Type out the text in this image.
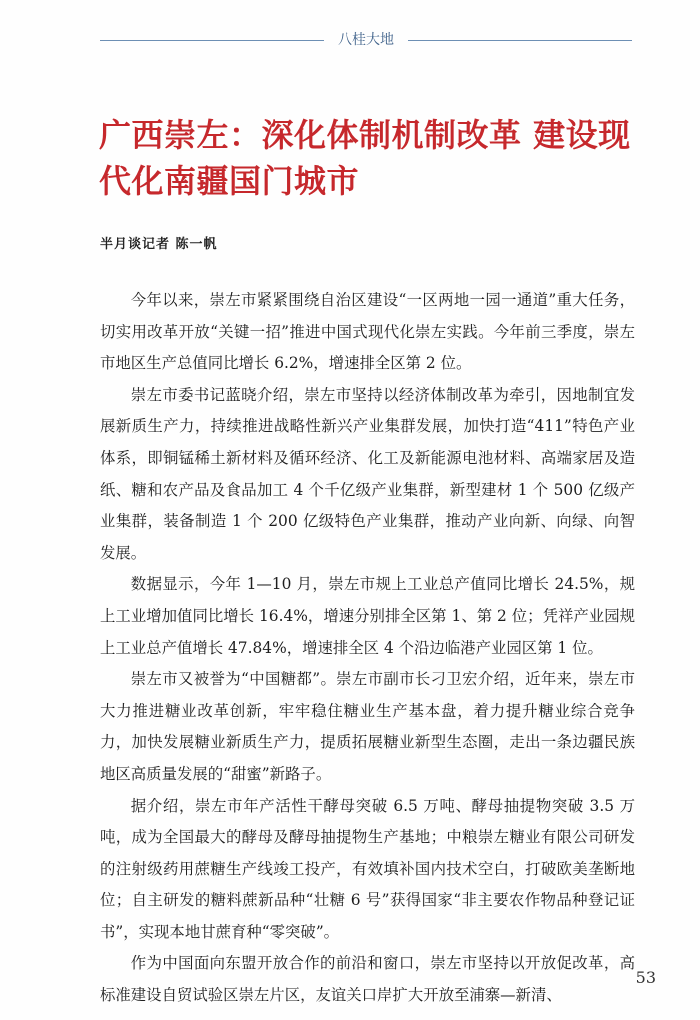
八桂大地
广西崇左：深化体制机制改革 建设现代化南疆国门城市
半月谈记者 陈一帆

今年以来，崇左市紧紧围绕自治区建设“一区两地一园一通道”重大任务，切实用改革开放“关键一招”推进中国式现代化崇左实践。今年前三季度，崇左市地区生产总值同比增长 6.2%，增速排全区第 2 位。

崇左市委书记蓝晓介绍，崇左市坚持以经济体制改革为牵引，因地制宜发展新质生产力，持续推进战略性新兴产业集群发展，加快打造“411”特色产业体系，即铜锰稀土新材料及循环经济、化工及新能源电池材料、高端家居及造纸、糖和农产品及食品加工 4 个千亿级产业集群，新型建材 1 个 500 亿级产业集群，装备制造 1 个 200 亿级特色产业集群，推动产业向新、向绿、向智发展。

数据显示，今年 1—10 月，崇左市规上工业总产值同比增长 24.5%，规上工业增加值同比增长 16.4%，增速分别排全区第 1、第 2 位；凭祥产业园规上工业总产值增长 47.84%，增速排全区 4 个沿边临港产业园区第 1 位。

崇左市又被誉为“中国糖都”。崇左市副市长刁卫宏介绍，近年来，崇左市大力推进糖业改革创新，牢牢稳住糖业生产基本盘，着力提升糖业综合竞争力，加快发展糖业新质生产力，提质拓展糖业新型生态圈，走出一条边疆民族地区高质量发展的“甜蜜”新路子。

据介绍，崇左市年产活性干酵母突破 6.5 万吨、酵母抽提物突破 3.5 万吨，成为全国最大的酵母及酵母抽提物生产基地；中粮崇左糖业有限公司研发的注射级药用蔗糖生产线竣工投产，有效填补国内技术空白，打破欧美垄断地位；自主研发的糖料蔗新品种“壮糖 6 号”获得国家“非主要农作物品种登记证书”，实现本地甘蔗育种“零突破”。

作为中国面向东盟开放合作的前沿和窗口，崇左市坚持以开放促改革，高标准建设自贸试验区崇左片区，友谊关口岸扩大开放至浦寨—新清、

53
